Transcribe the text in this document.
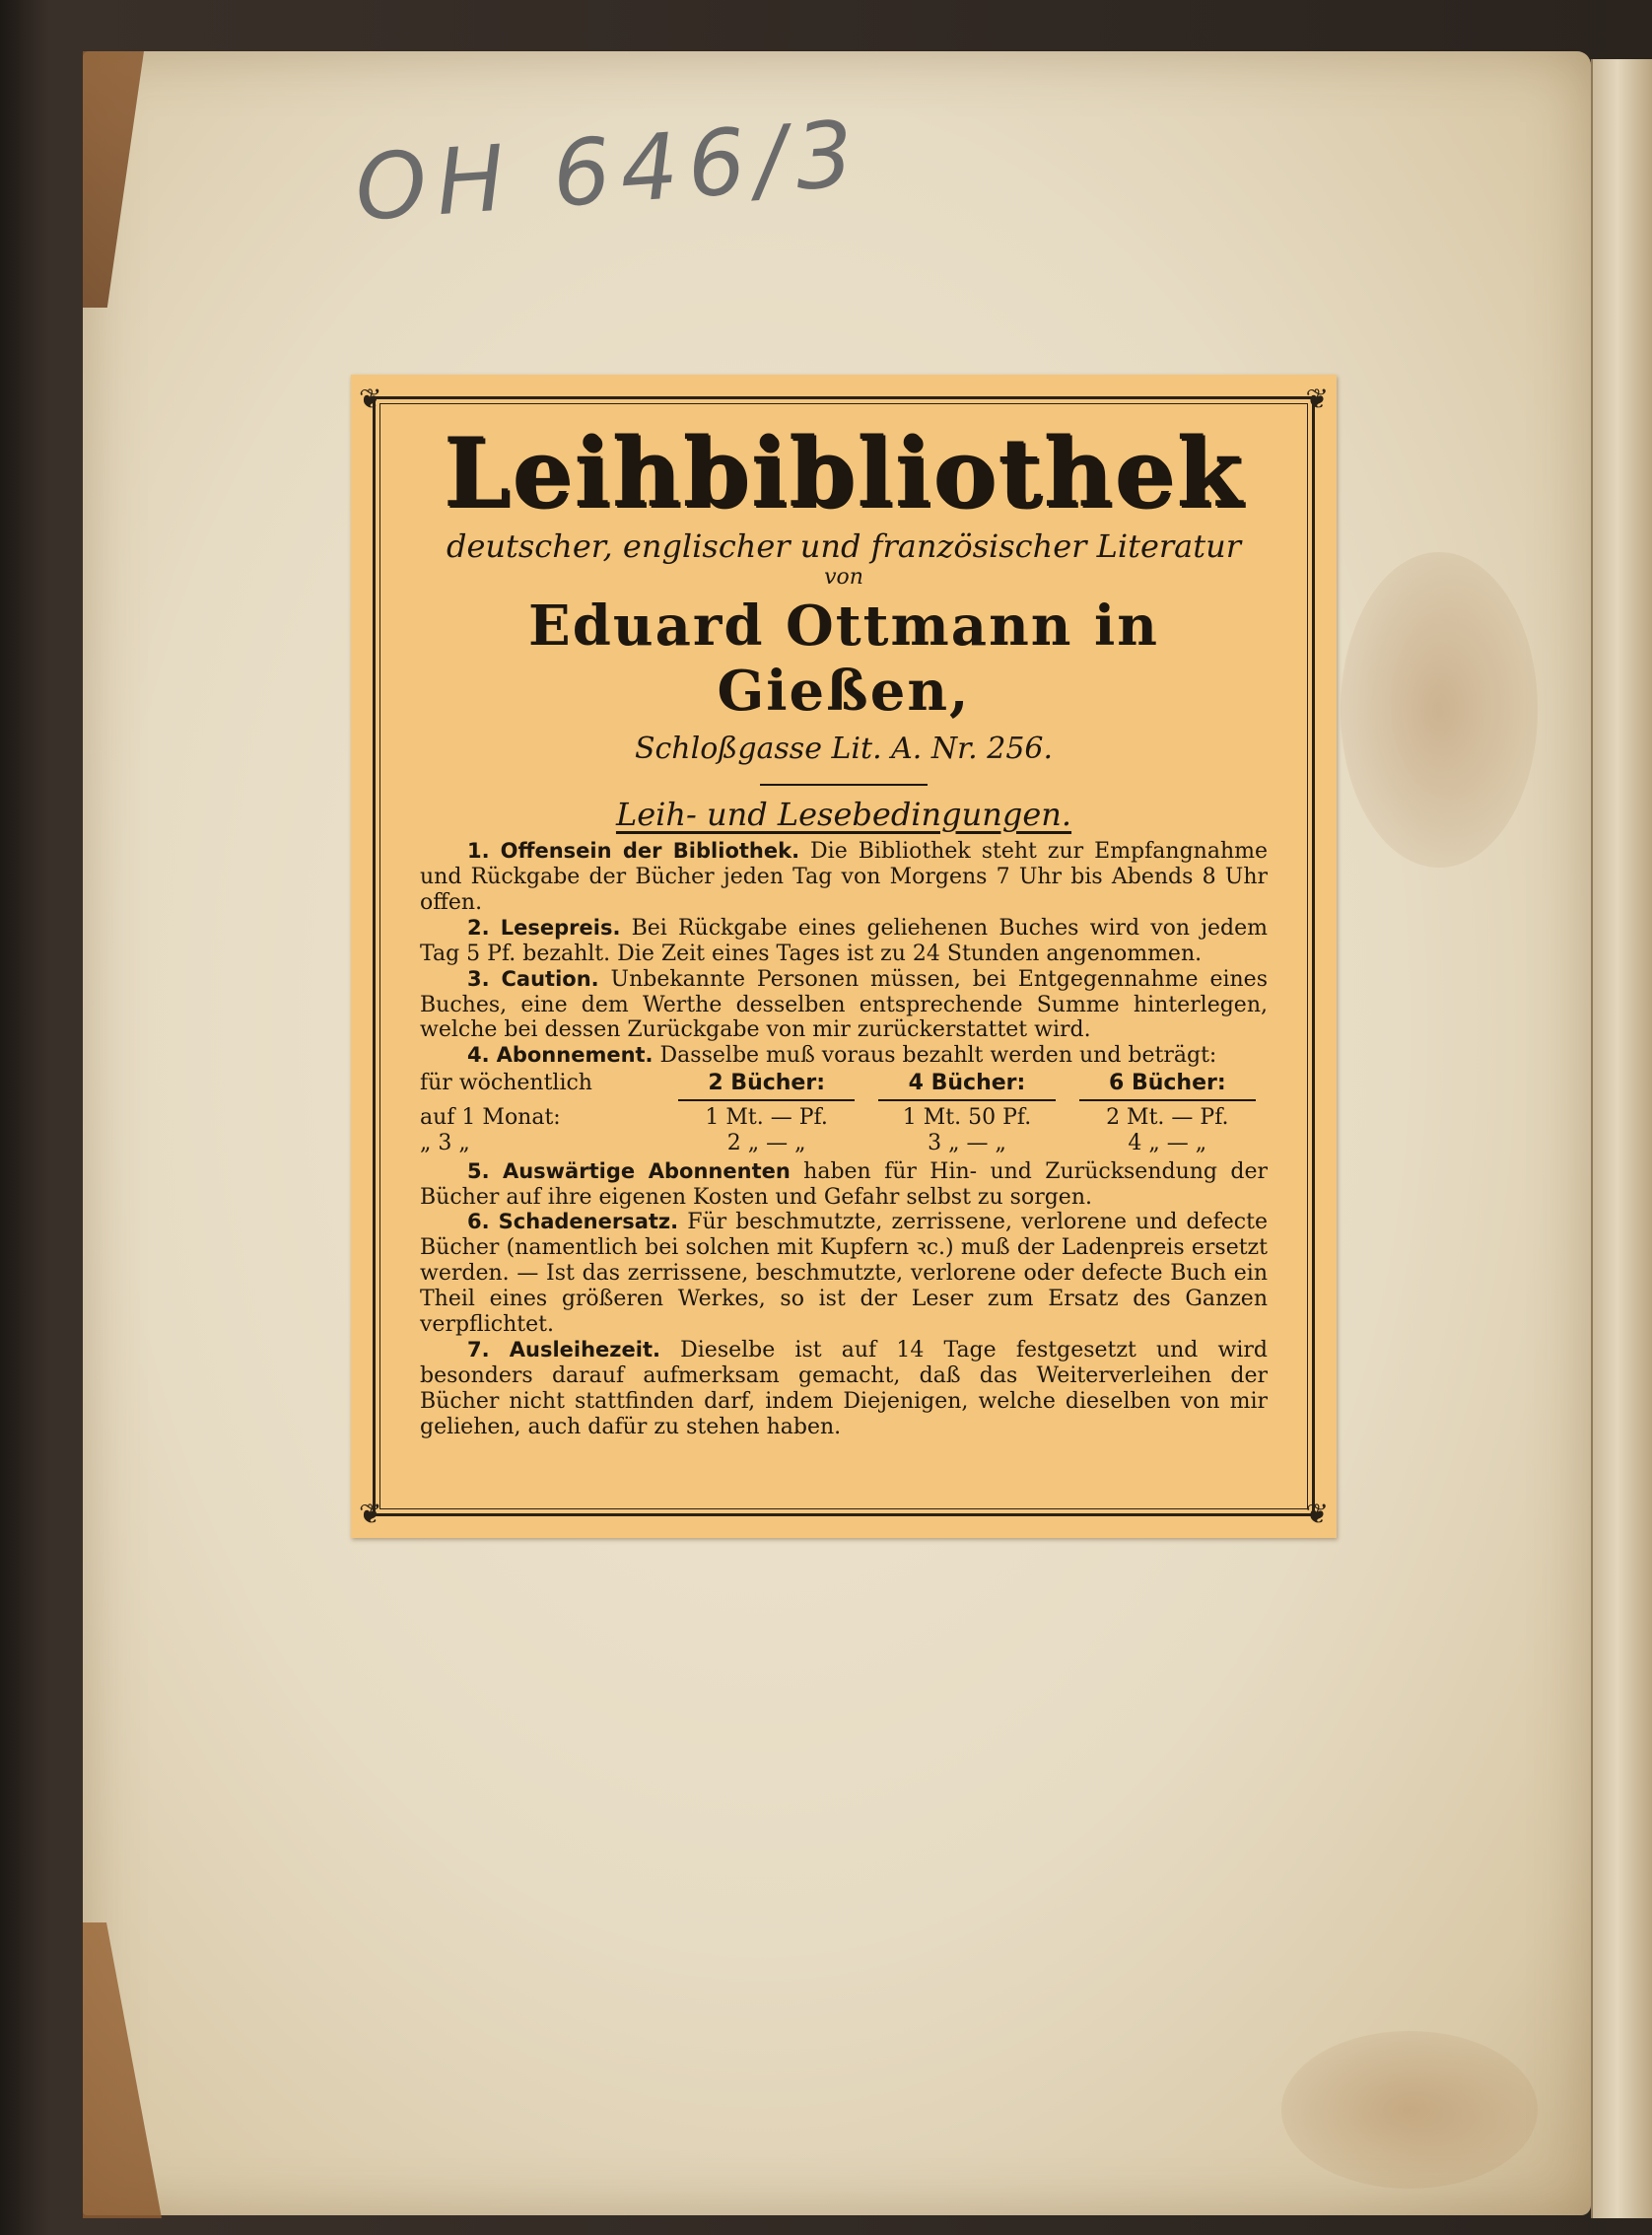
OH 646/3
❦	❦
❦	❦
Leihbibliothek

deutscher, englischer und französischer Literatur

von

Eduard Ottmann in Gießen,

Schloßgasse Lit. A. Nr. 256.

Leih- und Lesebedingungen.

1. Offensein der Bibliothek. Die Bibliothek steht zur Empfangnahme und Rückgabe der Bücher jeden Tag von Morgens 7 Uhr bis Abends 8 Uhr offen.

2. Lesepreis. Bei Rückgabe eines geliehenen Buches wird von jedem Tag 5 Pf. bezahlt. Die Zeit eines Tages ist zu 24 Stunden angenommen.

3. Caution. Unbekannte Personen müssen, bei Entgegennahme eines Buches, eine dem Werthe desselben entsprechende Summe hinterlegen, welche bei dessen Zurückgabe von mir zurückerstattet wird.

4. Abonnement. Dasselbe muß voraus bezahlt werden und beträgt:

für wöchentlich	2 Bücher:	4 Bücher:	6 Bücher:
auf 1 Monat:	1 Mt. — Pf.	1 Mt. 50 Pf.	2 Mt. — Pf.
„ 3 „	2 „ — „	3 „ — „	4 „ — „

5. Auswärtige Abonnenten haben für Hin- und Zurücksendung der Bücher auf ihre eigenen Kosten und Gefahr selbst zu sorgen.

6. Schadenersatz. Für beschmutzte, zerrissene, verlorene und defecte Bücher (namentlich bei solchen mit Kupfern ꝛc.) muß der Ladenpreis ersetzt werden. — Ist das zerrissene, beschmutzte, verlorene oder defecte Buch ein Theil eines größeren Werkes, so ist der Leser zum Ersatz des Ganzen verpflichtet.

7. Ausleihezeit. Dieselbe ist auf 14 Tage festgesetzt und wird besonders darauf aufmerksam gemacht, daß das Weiterverleihen der Bücher nicht stattfinden darf, indem Diejenigen, welche dieselben von mir geliehen, auch dafür zu stehen haben.
